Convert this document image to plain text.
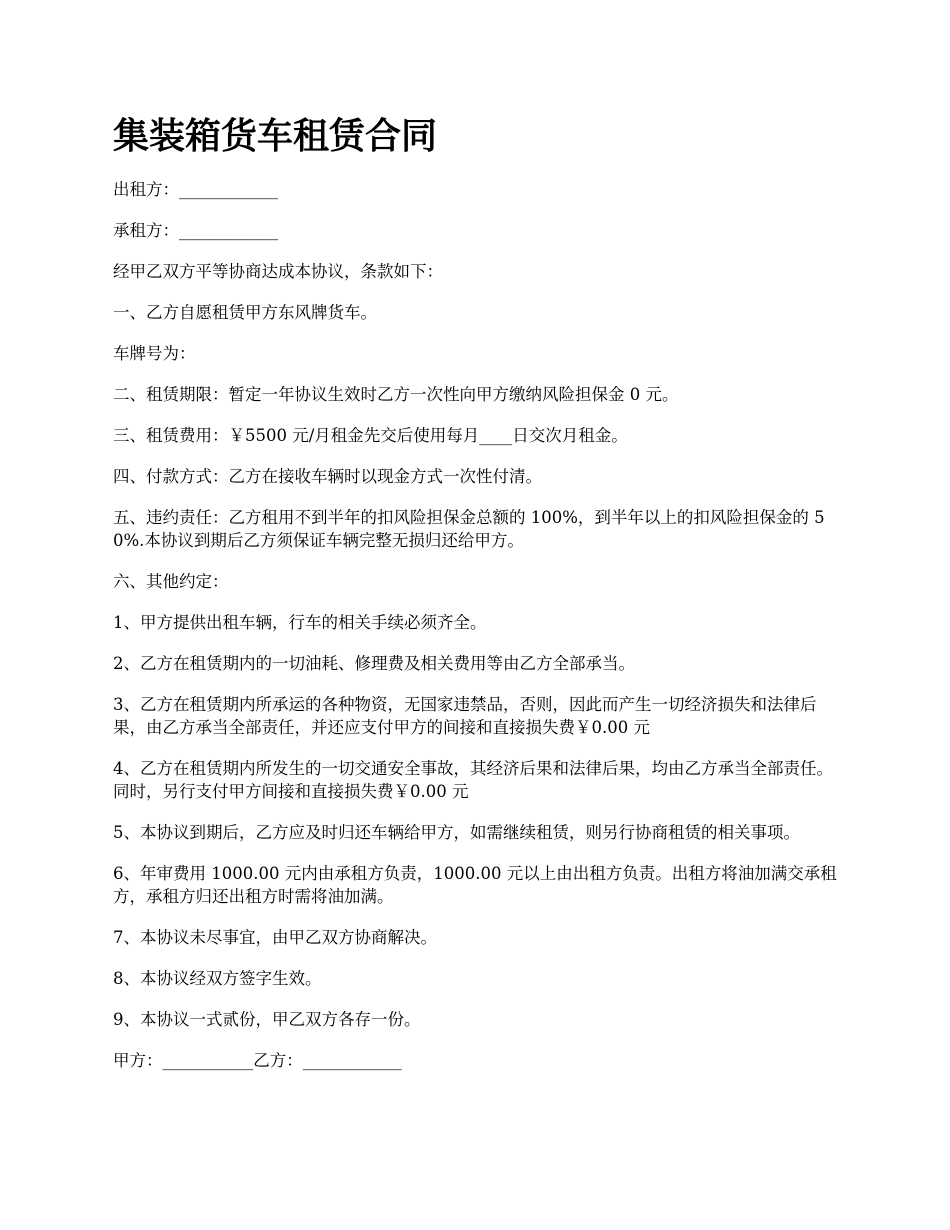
集装箱货车租赁合同

出租方：____________

承租方：____________

经甲乙双方平等协商达成本协议，条款如下：

一、乙方自愿租赁甲方东风牌货车。

车牌号为：

二、租赁期限：暂定一年协议生效时乙方一次性向甲方缴纳风险担保金 0 元。

三、租赁费用：￥5500 元/月租金先交后使用每月____日交次月租金。

四、付款方式：乙方在接收车辆时以现金方式一次性付清。

五、违约责任：乙方租用不到半年的扣风险担保金总额的 100%，到半年以上的扣风险担保金的 50%.本协议到期后乙方须保证车辆完整无损归还给甲方。

六、其他约定：

1、甲方提供出租车辆，行车的相关手续必须齐全。

2、乙方在租赁期内的一切油耗、修理费及相关费用等由乙方全部承当。

3、乙方在租赁期内所承运的各种物资，无国家违禁品，否则，因此而产生一切经济损失和法律后果，由乙方承当全部责任，并还应支付甲方的间接和直接损失费￥0.00 元

4、乙方在租赁期内所发生的一切交通安全事故，其经济后果和法律后果，均由乙方承当全部责任。同时，另行支付甲方间接和直接损失费￥0.00 元

5、本协议到期后，乙方应及时归还车辆给甲方，如需继续租赁，则另行协商租赁的相关事项。

6、年审费用 1000.00 元内由承租方负责，1000.00 元以上由出租方负责。出租方将油加满交承租方，承租方归还出租方时需将油加满。

7、本协议未尽事宜，由甲乙双方协商解决。

8、本协议经双方签字生效。

9、本协议一式贰份，甲乙双方各存一份。

甲方：___________乙方：____________
